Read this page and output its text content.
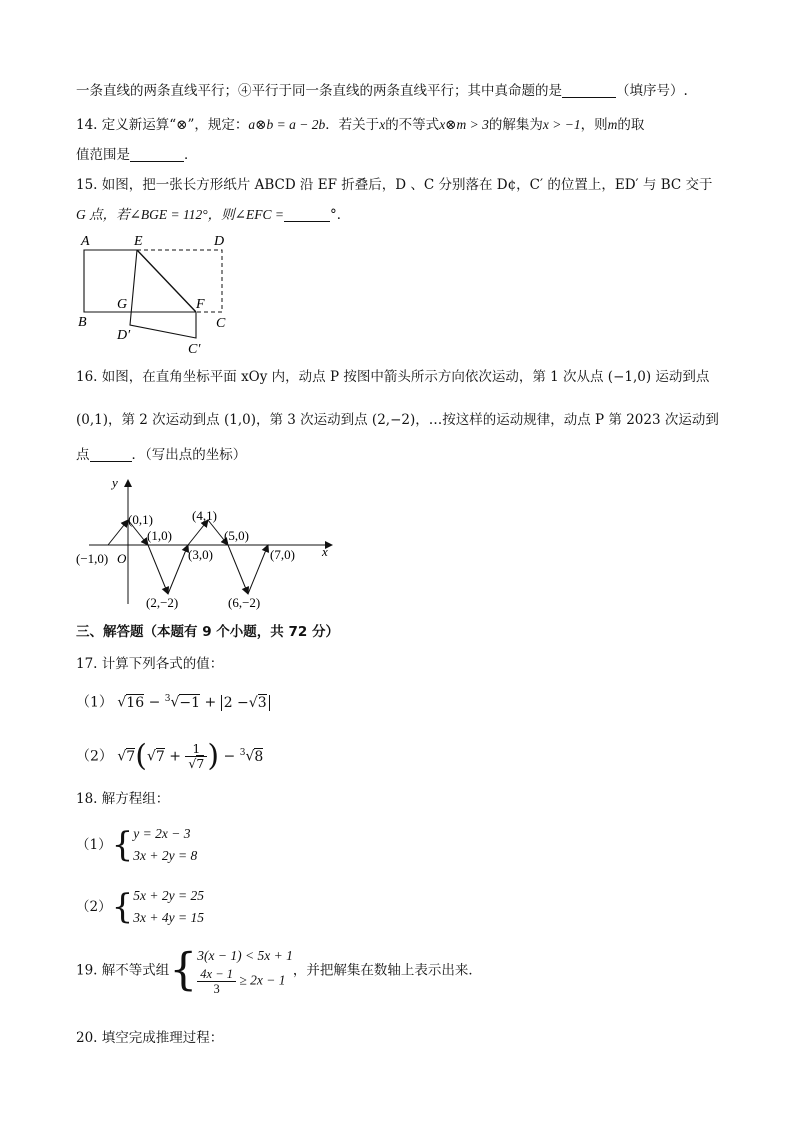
一条直线的两条直线平行；④平行于同一条直线的两条直线平行；其中真命题的是	（填序号）.
14. 定义新运算“⊗”，规定：a⊗b = a − 2b．若关于x的不等式x⊗m > 3的解集为x > −1，则m的取
值范围是	．
15. 如图，把一张长方形纸片 ABCD 沿 EF 折叠后，D 、C 分别落在 D¢，C′ 的位置上，ED′ 与 BC 交于
G 点，若∠BGE = 112°，则∠EFC =	°．
A	E	D
G	F
B	C
D′
C′
16. 如图，在直角坐标平面 xOy 内，动点 P 按图中箭头所示方向依次运动，第 1 次从点 (−1,0) 运动到点
(0,1)，第 2 次运动到点 (1,0)，第 3 次运动到点 (2,−2)，…按这样的运动规律，动点 P 第 2023 次运动到
点	．（写出点的坐标）
y
x
O
(0,1)	(4,1)
(1,0)	(5,0)
(−1,0)	(3,0)	(7,0)
(2,−2)	(6,−2)
三、解答题（本题有 9 个小题，共 72 分）
17. 计算下列各式的值：
（1） √16 − $^3$√−1 + 2 −√3
（2） $√7(√7 + \frac{1}{√7}$ ) − $^3$√8
18. 解方程组：
（1）{ y = 2x − 3
3x + 2y = 8
（2）{ 5x + 2y = 25
3x + 4y = 15
19. 解不等式组{ 3(x − 1) < 5x + 1
$\frac{4x - 1}{3} \ge 2x - 1$
，并把解集在数轴上表示出来．
20. 填空完成推理过程：
